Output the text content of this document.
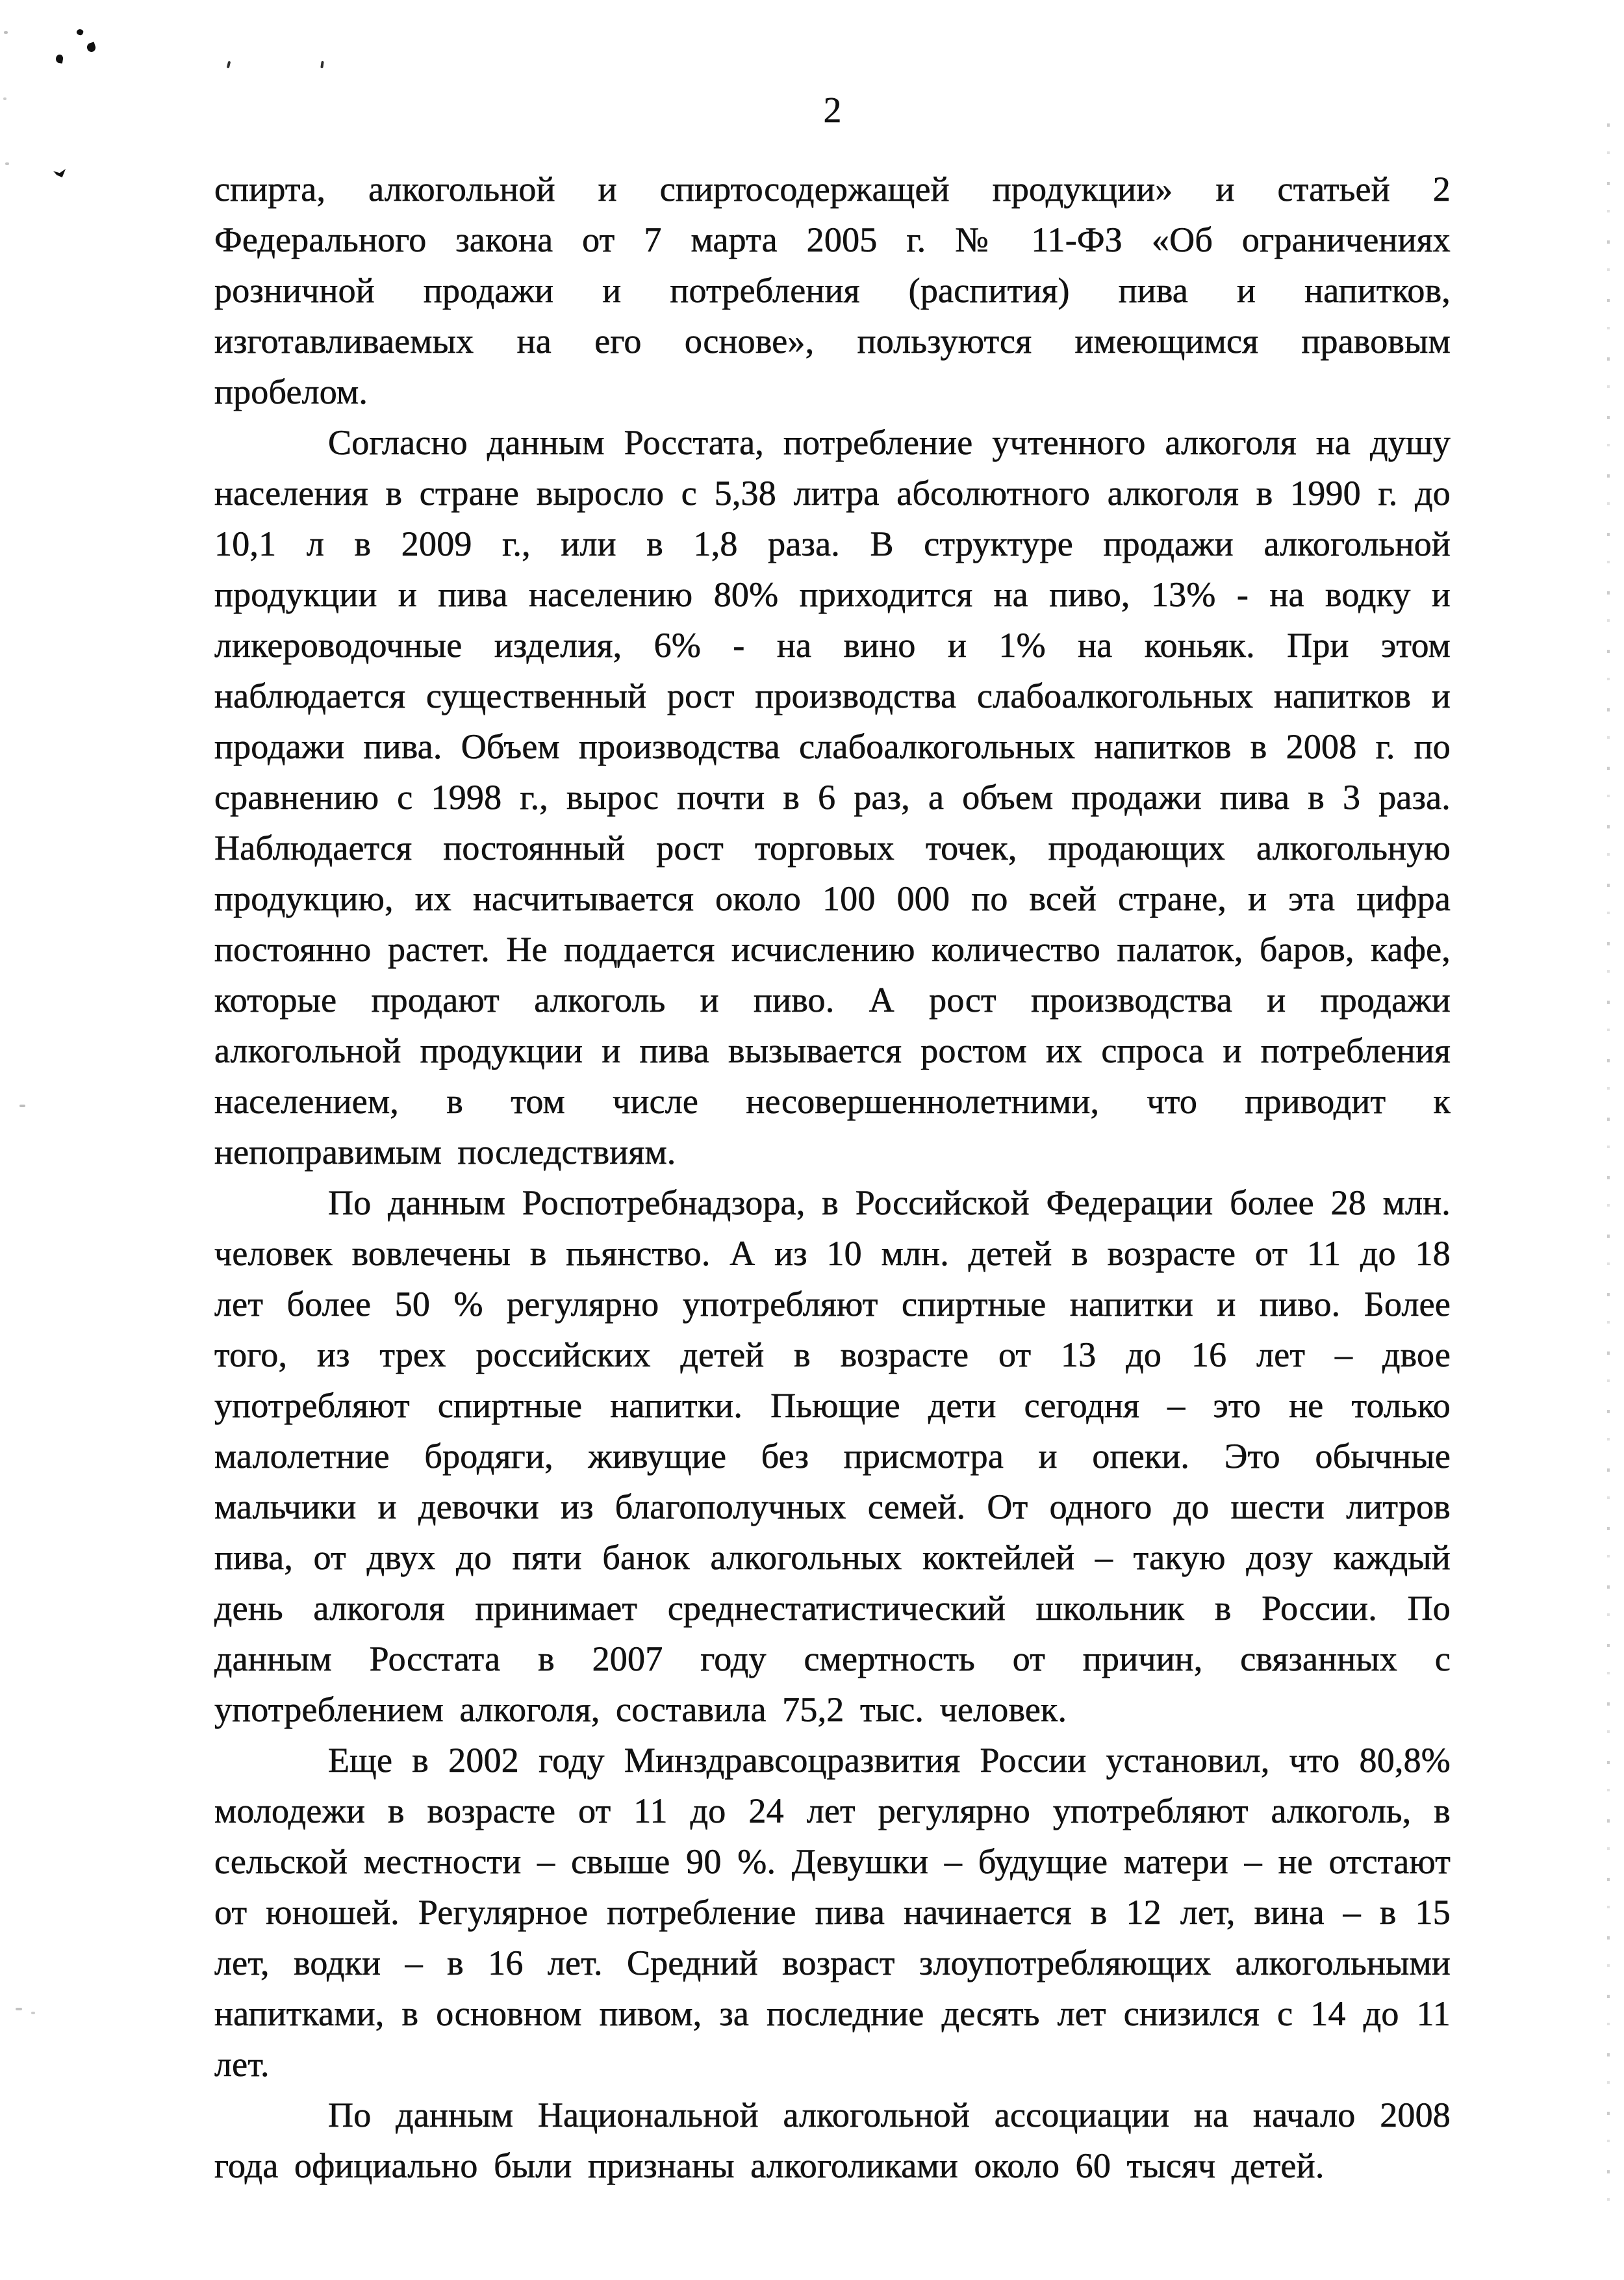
2

спирта, алкогольной и спиртосодержащей продукции» и статьей 2 Федерального закона от 7 марта 2005 г. № 11-ФЗ «Об ограничениях розничной продажи и потребления (распития) пива и напитков, изготавливаемых на его основе», пользуются имеющимся правовым пробелом.

Согласно данным Росстата, потребление учтенного алкоголя на душу населения в стране выросло с 5,38 литра абсолютного алкоголя в 1990 г. до 10,1 л в 2009 г., или в 1,8 раза. В структуре продажи алкогольной продукции и пива населению 80% приходится на пиво, 13% - на водку и ликероводочные изделия, 6% - на вино и 1% на коньяк. При этом наблюдается существенный рост производства слабоалкогольных напитков и продажи пива. Объем производства слабоалкогольных напитков в 2008 г. по сравнению с 1998 г., вырос почти в 6 раз, а объем продажи пива в 3 раза. Наблюдается постоянный рост торговых точек, продающих алкогольную продукцию, их насчитывается около 100 000 по всей стране, и эта цифра постоянно растет. Не поддается исчислению количество палаток, баров, кафе, которые продают алкоголь и пиво. А рост производства и продажи алкогольной продукции и пива вызывается ростом их спроса и потребления населением, в том числе несовершеннолетними, что приводит к непоправимым последствиям.

По данным Роспотребнадзора, в Российской Федерации более 28 млн. человек вовлечены в пьянство. А из 10 млн. детей в возрасте от 11 до 18 лет более 50 % регулярно употребляют спиртные напитки и пиво. Более того, из трех российских детей в возрасте от 13 до 16 лет – двое употребляют спиртные напитки. Пьющие дети сегодня – это не только малолетние бродяги, живущие без присмотра и опеки. Это обычные мальчики и девочки из благополучных семей. От одного до шести литров пива, от двух до пяти банок алкогольных коктейлей – такую дозу каждый день алкоголя принимает среднестатистический школьник в России. По данным Росстата в 2007 году смертность от причин, связанных с употреблением алкоголя, составила 75,2 тыс. человек.

Еще в 2002 году Минздравсоцразвития России установил, что 80,8% молодежи в возрасте от 11 до 24 лет регулярно употребляют алкоголь, в сельской местности – свыше 90 %. Девушки – будущие матери – не отстают от юношей. Регулярное потребление пива начинается в 12 лет, вина – в 15 лет, водки – в 16 лет. Средний возраст злоупотребляющих алкогольными напитками, в основном пивом, за последние десять лет снизился с 14 до 11 лет.

По данным Национальной алкогольной ассоциации на начало 2008 года официально были признаны алкоголиками около 60 тысяч детей.
